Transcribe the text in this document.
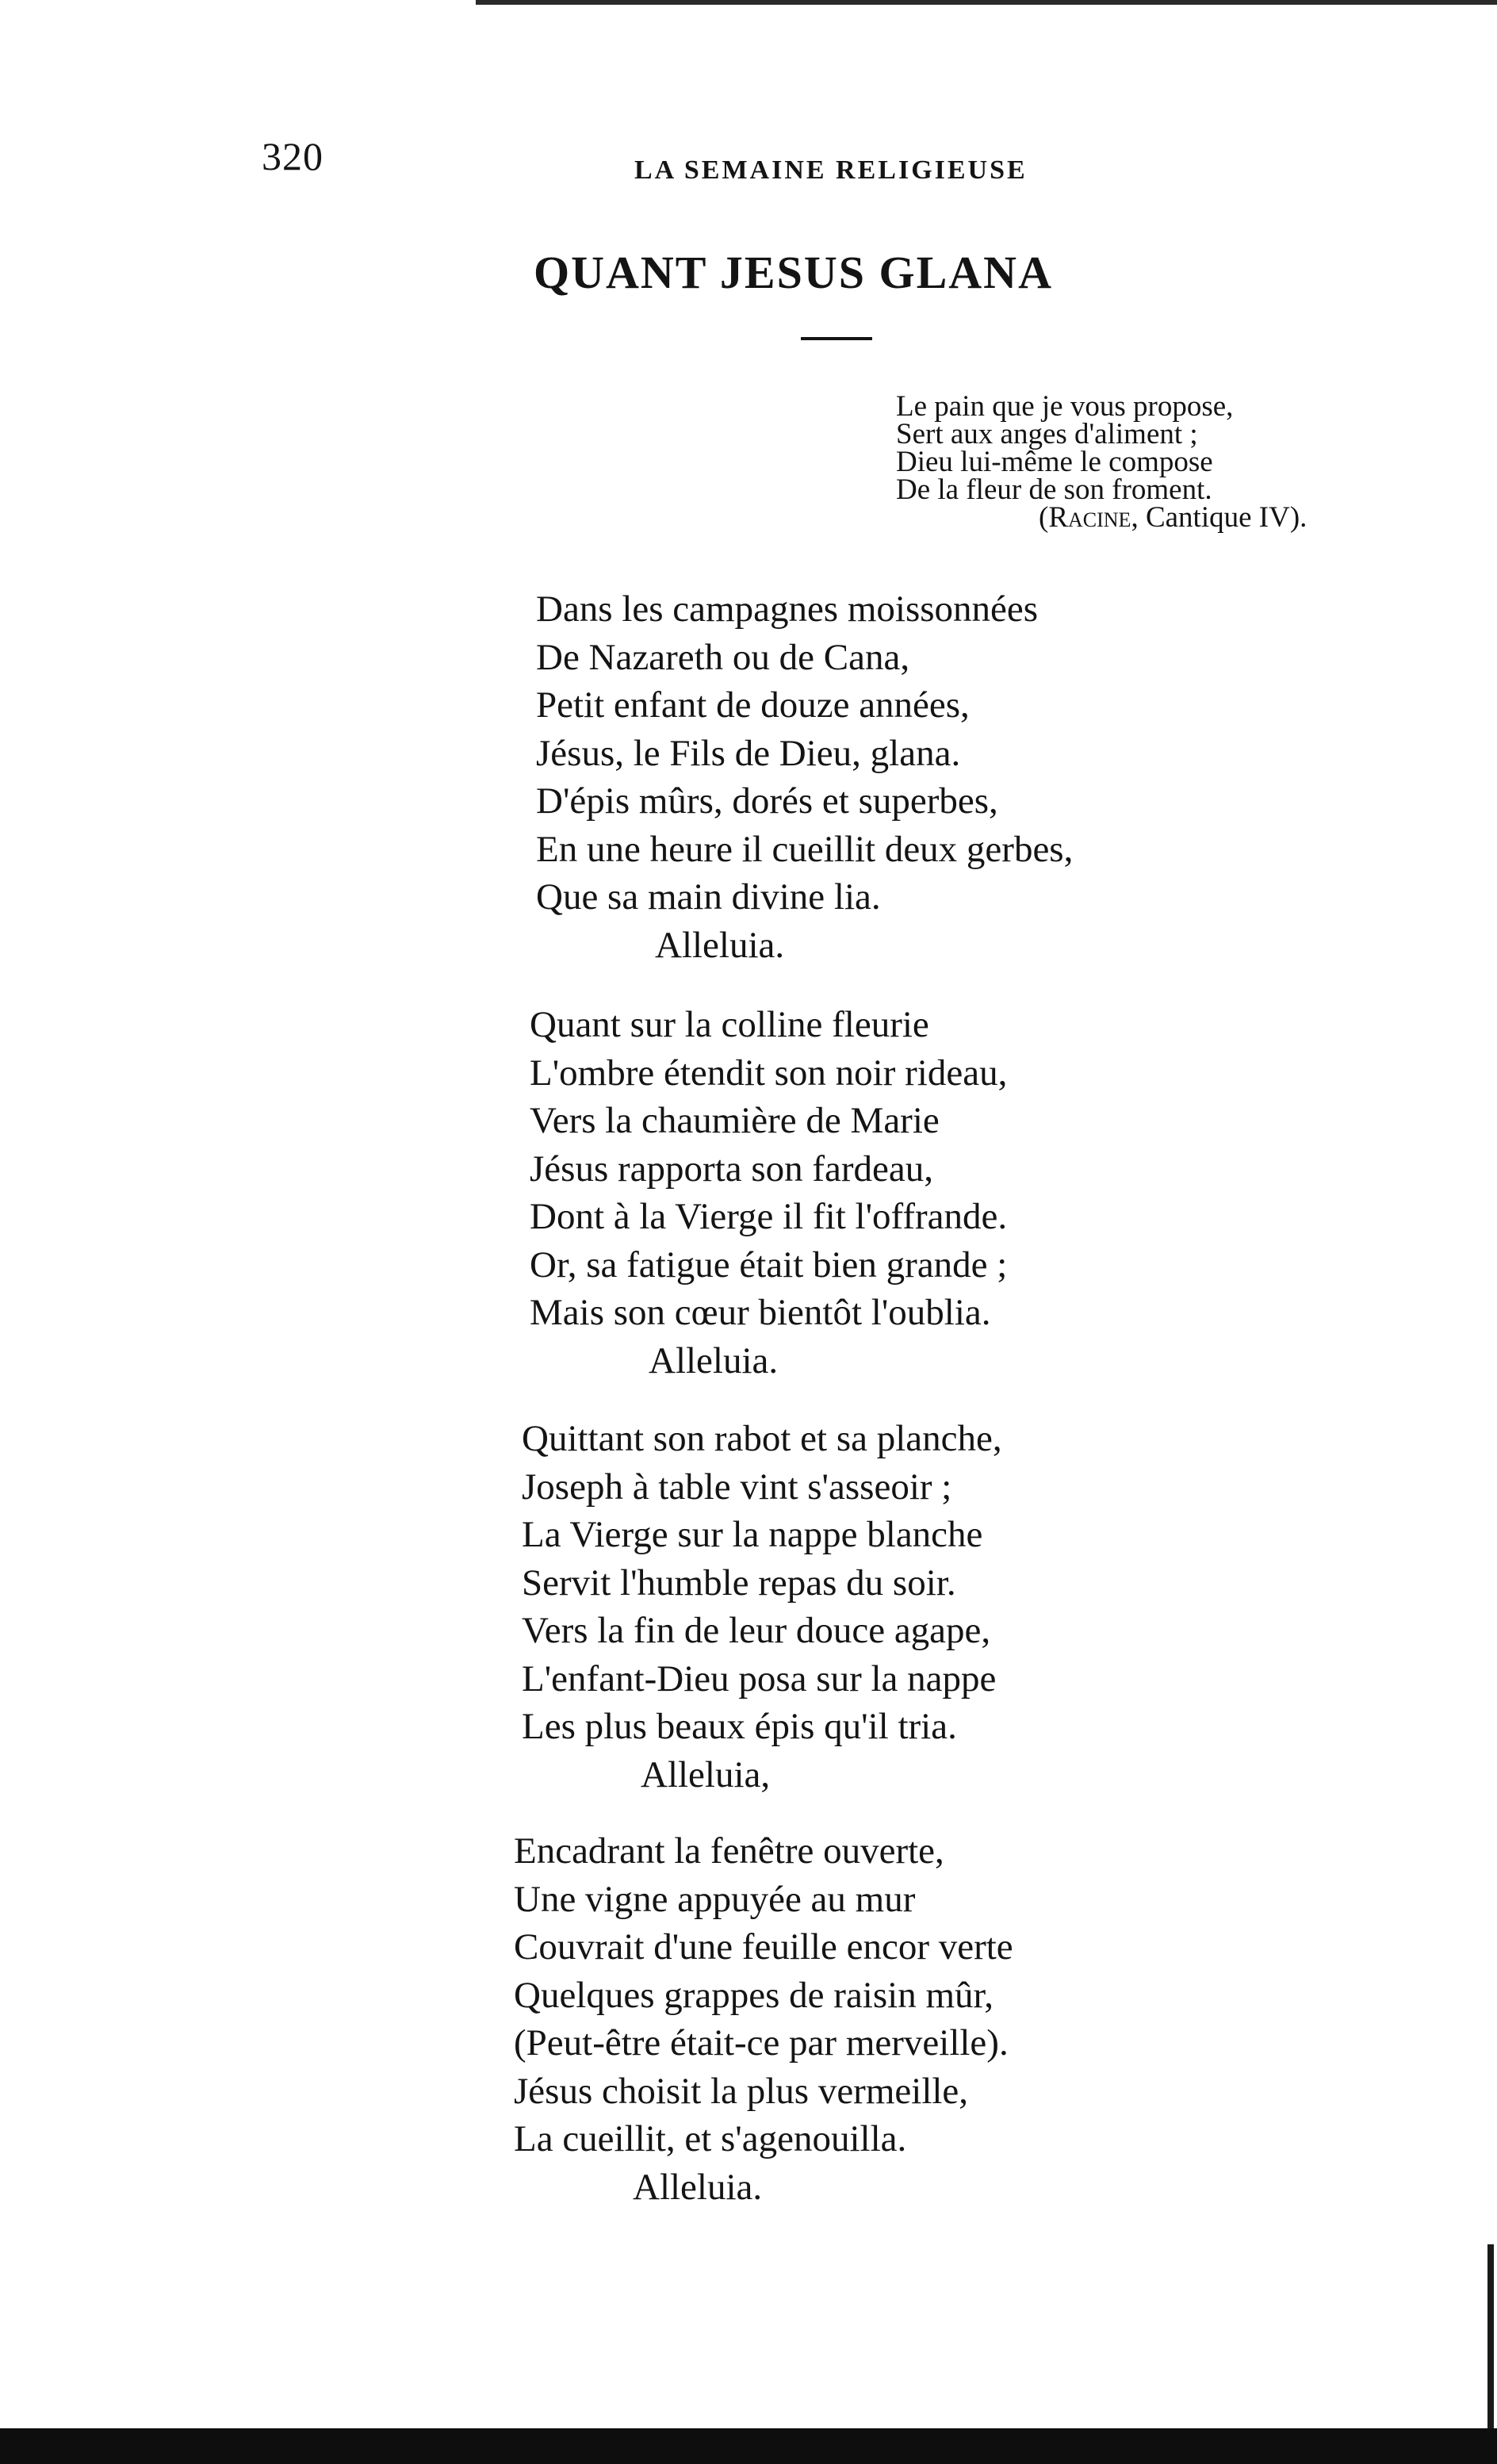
320	LA SEMAINE RELIGIEUSE
QUANT JESUS GLANA
Le pain que je vous propose,
Sert aux anges d'aliment ;
Dieu lui-même le compose
De la fleur de son froment.
(Racine, Cantique IV).
Dans les campagnes moissonnées
De Nazareth ou de Cana,
Petit enfant de douze années,
Jésus, le Fils de Dieu, glana.
D'épis mûrs, dorés et superbes,
En une heure il cueillit deux gerbes,
Que sa main divine lia.
Alleluia.
Quant sur la colline fleurie
L'ombre étendit son noir rideau,
Vers la chaumière de Marie
Jésus rapporta son fardeau,
Dont à la Vierge il fit l'offrande.
Or, sa fatigue était bien grande ;
Mais son cœur bientôt l'oublia.
Alleluia.
Quittant son rabot et sa planche,
Joseph à table vint s'asseoir ;
La Vierge sur la nappe blanche
Servit l'humble repas du soir.
Vers la fin de leur douce agape,
L'enfant-Dieu posa sur la nappe
Les plus beaux épis qu'il tria.
Alleluia,
Encadrant la fenêtre ouverte,
Une vigne appuyée au mur
Couvrait d'une feuille encor verte
Quelques grappes de raisin mûr,
(Peut-être était-ce par merveille).
Jésus choisit la plus vermeille,
La cueillit, et s'agenouilla.
Alleluia.
